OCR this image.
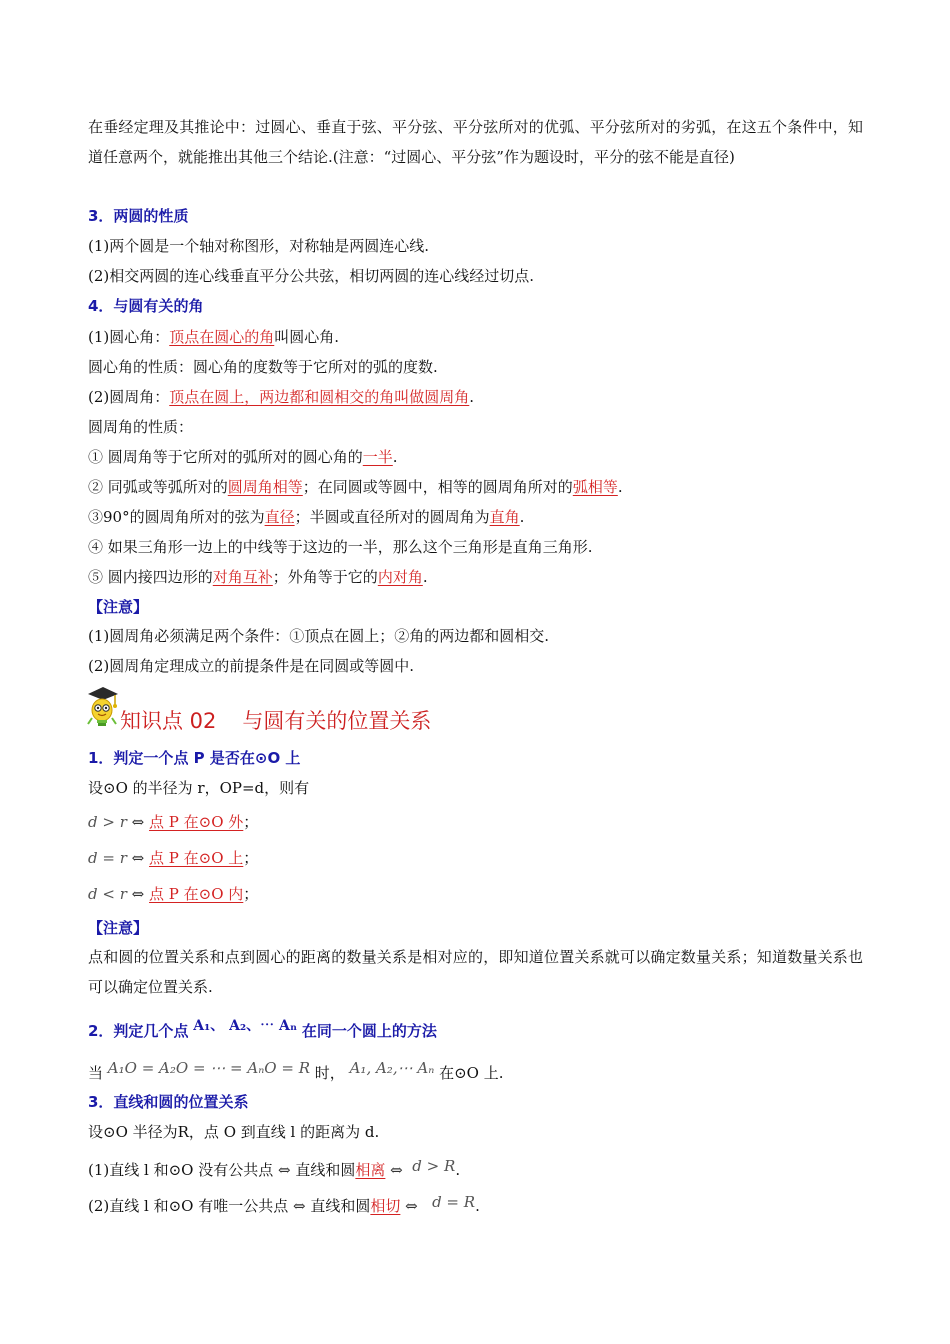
在垂经定理及其推论中：过圆心、垂直于弦、平分弦、平分弦所对的优弧、平分弦所对的劣弧，在这五个条件中，知道任意两个，就能推出其他三个结论.(注意：“过圆心、平分弦”作为题设时，平分的弦不能是直径)
3．两圆的性质
(1)两个圆是一个轴对称图形，对称轴是两圆连心线.
(2)相交两圆的连心线垂直平分公共弦，相切两圆的连心线经过切点.
4．与圆有关的角
(1)圆心角：顶点在圆心的角叫圆心角.
圆心角的性质：圆心角的度数等于它所对的弧的度数.
(2)圆周角：顶点在圆上，两边都和圆相交的角叫做圆周角.
圆周角的性质：
① 圆周角等于它所对的弧所对的圆心角的一半.
② 同弧或等弧所对的圆周角相等；在同圆或等圆中，相等的圆周角所对的弧相等.
③90°的圆周角所对的弦为直径；半圆或直径所对的圆周角为直角.
④ 如果三角形一边上的中线等于这边的一半，那么这个三角形是直角三角形.
⑤ 圆内接四边形的对角互补；外角等于它的内对角.
【注意】
(1)圆周角必须满足两个条件：①顶点在圆上；②角的两边都和圆相交.
(2)圆周角定理成立的前提条件是在同圆或等圆中.
知识点 02 与圆有关的位置关系
1．判定一个点 P 是否在⊙O 上
设⊙O 的半径为 r，OP=d，则有
d > r ⇔ 点 P 在⊙O 外；
d = r ⇔ 点 P 在⊙O 上；
d < r ⇔ 点 P 在⊙O 内；
【注意】
点和圆的位置关系和点到圆心的距离的数量关系是相对应的，即知道位置关系就可以确定数量关系；知道数量关系也可以确定位置关系.
2．判定几个点 A₁、 A₂、⋯ Aₙ 在同一个圆上的方法
当 A₁O = A₂O = ⋯ = AₙO = R 时， A₁, A₂,⋯ Aₙ 在⊙O 上.
3．直线和圆的位置关系
设⊙O 半径为R，点 O 到直线 l 的距离为 d.
(1)直线 l 和⊙O 没有公共点 ⇔ 直线和圆相离 ⇔ d > R.
(2)直线 l 和⊙O 有唯一公共点 ⇔ 直线和圆相切 ⇔ d = R.
